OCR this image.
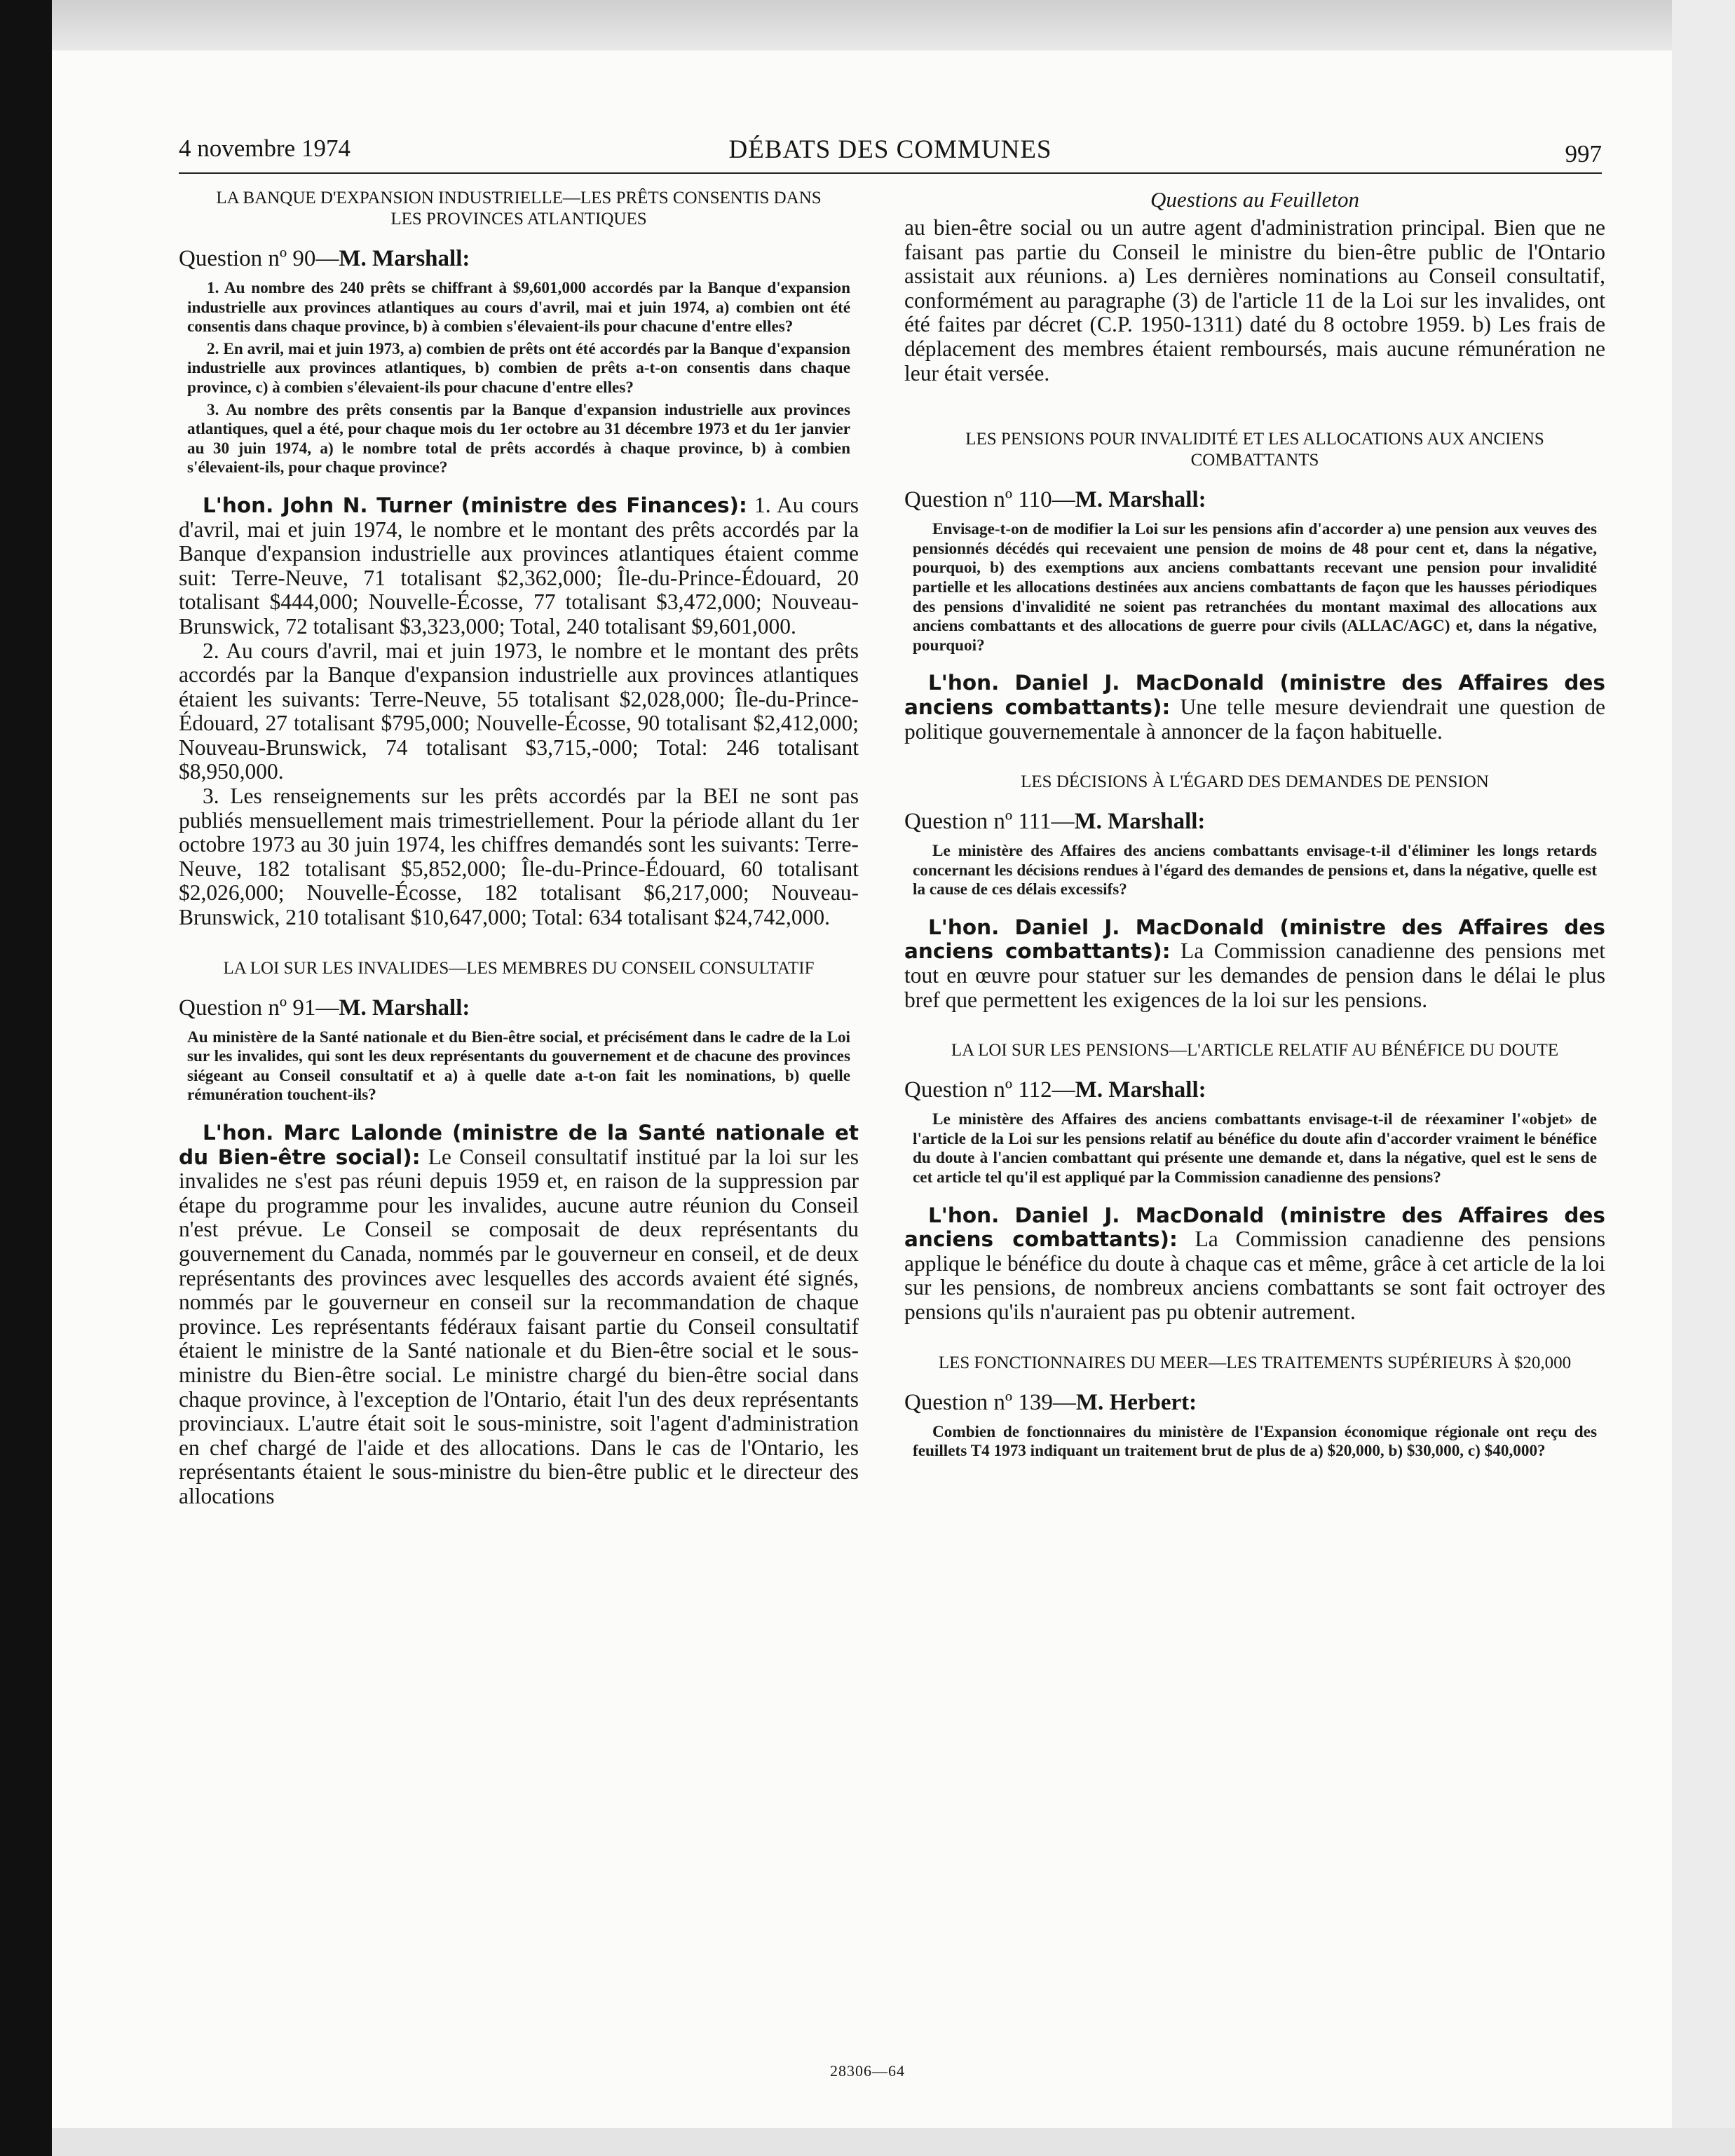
4 novembre 1974	DÉBATS DES COMMUNES	997
LA BANQUE D'EXPANSION INDUSTRIELLE—LES PRÊTS CONSENTIS DANS LES PROVINCES ATLANTIQUES
Question nº 90—M. Marshall:

1. Au nombre des 240 prêts se chiffrant à $9,601,000 accordés par la Banque d'expansion industrielle aux provinces atlantiques au cours d'avril, mai et juin 1974, a) combien ont été consentis dans chaque province, b) à combien s'élevaient-ils pour chacune d'entre elles?

2. En avril, mai et juin 1973, a) combien de prêts ont été accordés par la Banque d'expansion industrielle aux provinces atlantiques, b) combien de prêts a-t-on consentis dans chaque province, c) à combien s'élevaient-ils pour chacune d'entre elles?

3. Au nombre des prêts consentis par la Banque d'expansion industrielle aux provinces atlantiques, quel a été, pour chaque mois du 1er octobre au 31 décembre 1973 et du 1er janvier au 30 juin 1974, a) le nombre total de prêts accordés à chaque province, b) à combien s'élevaient-ils, pour chaque province?

L'hon. John N. Turner (ministre des Finances): 1. Au cours d'avril, mai et juin 1974, le nombre et le montant des prêts accordés par la Banque d'expansion industrielle aux provinces atlantiques étaient comme suit: Terre-Neuve, 71 totalisant $2,362,000; Île-du-Prince-Édouard, 20 totalisant $444,000; Nouvelle-Écosse, 77 totalisant $3,472,000; Nouveau-Brunswick, 72 totalisant $3,323,000; Total, 240 totalisant $9,601,000.

2. Au cours d'avril, mai et juin 1973, le nombre et le montant des prêts accordés par la Banque d'expansion industrielle aux provinces atlantiques étaient les suivants: Terre-Neuve, 55 totalisant $2,028,000; Île-du-Prince-Édouard, 27 totalisant $795,000; Nouvelle-Écosse, 90 totalisant $2,412,000; Nouveau-Brunswick, 74 totalisant $3,715,-000; Total: 246 totalisant $8,950,000.

3. Les renseignements sur les prêts accordés par la BEI ne sont pas publiés mensuellement mais trimestriellement. Pour la période allant du 1er octobre 1973 au 30 juin 1974, les chiffres demandés sont les suivants: Terre-Neuve, 182 totalisant $5,852,000; Île-du-Prince-Édouard, 60 totalisant $2,026,000; Nouvelle-Écosse, 182 totalisant $6,217,000; Nouveau-Brunswick, 210 totalisant $10,647,000; Total: 634 totalisant $24,742,000.

LA LOI SUR LES INVALIDES—LES MEMBRES DU CONSEIL CONSULTATIF
Question nº 91—M. Marshall:

Au ministère de la Santé nationale et du Bien-être social, et précisément dans le cadre de la Loi sur les invalides, qui sont les deux représentants du gouvernement et de chacune des provinces siégeant au Conseil consultatif et a) à quelle date a-t-on fait les nominations, b) quelle rémunération touchent-ils?

L'hon. Marc Lalonde (ministre de la Santé nationale et du Bien-être social): Le Conseil consultatif institué par la loi sur les invalides ne s'est pas réuni depuis 1959 et, en raison de la suppression par étape du programme pour les invalides, aucune autre réunion du Conseil n'est prévue. Le Conseil se composait de deux représentants du gouvernement du Canada, nommés par le gouverneur en conseil, et de deux représentants des provinces avec lesquelles des accords avaient été signés, nommés par le gouverneur en conseil sur la recommandation de chaque province. Les représentants fédéraux faisant partie du Conseil consultatif étaient le ministre de la Santé nationale et du Bien-être social et le sous-ministre du Bien-être social. Le ministre chargé du bien-être social dans chaque province, à l'exception de l'Ontario, était l'un des deux représentants provinciaux. L'autre était soit le sous-ministre, soit l'agent d'administration en chef chargé de l'aide et des allocations. Dans le cas de l'Ontario, les représentants étaient le sous-ministre du bien-être public et le directeur des allocations

Questions au Feuilleton

au bien-être social ou un autre agent d'administration principal. Bien que ne faisant pas partie du Conseil le ministre du bien-être public de l'Ontario assistait aux réunions. a) Les dernières nominations au Conseil consultatif, conformément au paragraphe (3) de l'article 11 de la Loi sur les invalides, ont été faites par décret (C.P. 1950-1311) daté du 8 octobre 1959. b) Les frais de déplacement des membres étaient remboursés, mais aucune rémunération ne leur était versée.

LES PENSIONS POUR INVALIDITÉ ET LES ALLOCATIONS AUX ANCIENS COMBATTANTS
Question nº 110—M. Marshall:

Envisage-t-on de modifier la Loi sur les pensions afin d'accorder a) une pension aux veuves des pensionnés décédés qui recevaient une pension de moins de 48 pour cent et, dans la négative, pourquoi, b) des exemptions aux anciens combattants recevant une pension pour invalidité partielle et les allocations destinées aux anciens combattants de façon que les hausses périodiques des pensions d'invalidité ne soient pas retranchées du montant maximal des allocations aux anciens combattants et des allocations de guerre pour civils (ALLAC/AGC) et, dans la négative, pourquoi?

L'hon. Daniel J. MacDonald (ministre des Affaires des anciens combattants): Une telle mesure deviendrait une question de politique gouvernementale à annoncer de la façon habituelle.

LES DÉCISIONS À L'ÉGARD DES DEMANDES DE PENSION
Question nº 111—M. Marshall:

Le ministère des Affaires des anciens combattants envisage-t-il d'éliminer les longs retards concernant les décisions rendues à l'égard des demandes de pensions et, dans la négative, quelle est la cause de ces délais excessifs?

L'hon. Daniel J. MacDonald (ministre des Affaires des anciens combattants): La Commission canadienne des pensions met tout en œuvre pour statuer sur les demandes de pension dans le délai le plus bref que permettent les exigences de la loi sur les pensions.

LA LOI SUR LES PENSIONS—L'ARTICLE RELATIF AU BÉNÉFICE DU DOUTE
Question nº 112—M. Marshall:

Le ministère des Affaires des anciens combattants envisage-t-il de réexaminer l'«objet» de l'article de la Loi sur les pensions relatif au bénéfice du doute afin d'accorder vraiment le bénéfice du doute à l'ancien combattant qui présente une demande et, dans la négative, quel est le sens de cet article tel qu'il est appliqué par la Commission canadienne des pensions?

L'hon. Daniel J. MacDonald (ministre des Affaires des anciens combattants): La Commission canadienne des pensions applique le bénéfice du doute à chaque cas et même, grâce à cet article de la loi sur les pensions, de nombreux anciens combattants se sont fait octroyer des pensions qu'ils n'auraient pas pu obtenir autrement.

LES FONCTIONNAIRES DU MEER—LES TRAITEMENTS SUPÉRIEURS À $20,000
Question nº 139—M. Herbert:

Combien de fonctionnaires du ministère de l'Expansion économique régionale ont reçu des feuillets T4 1973 indiquant un traitement brut de plus de a) $20,000, b) $30,000, c) $40,000?

28306—64
